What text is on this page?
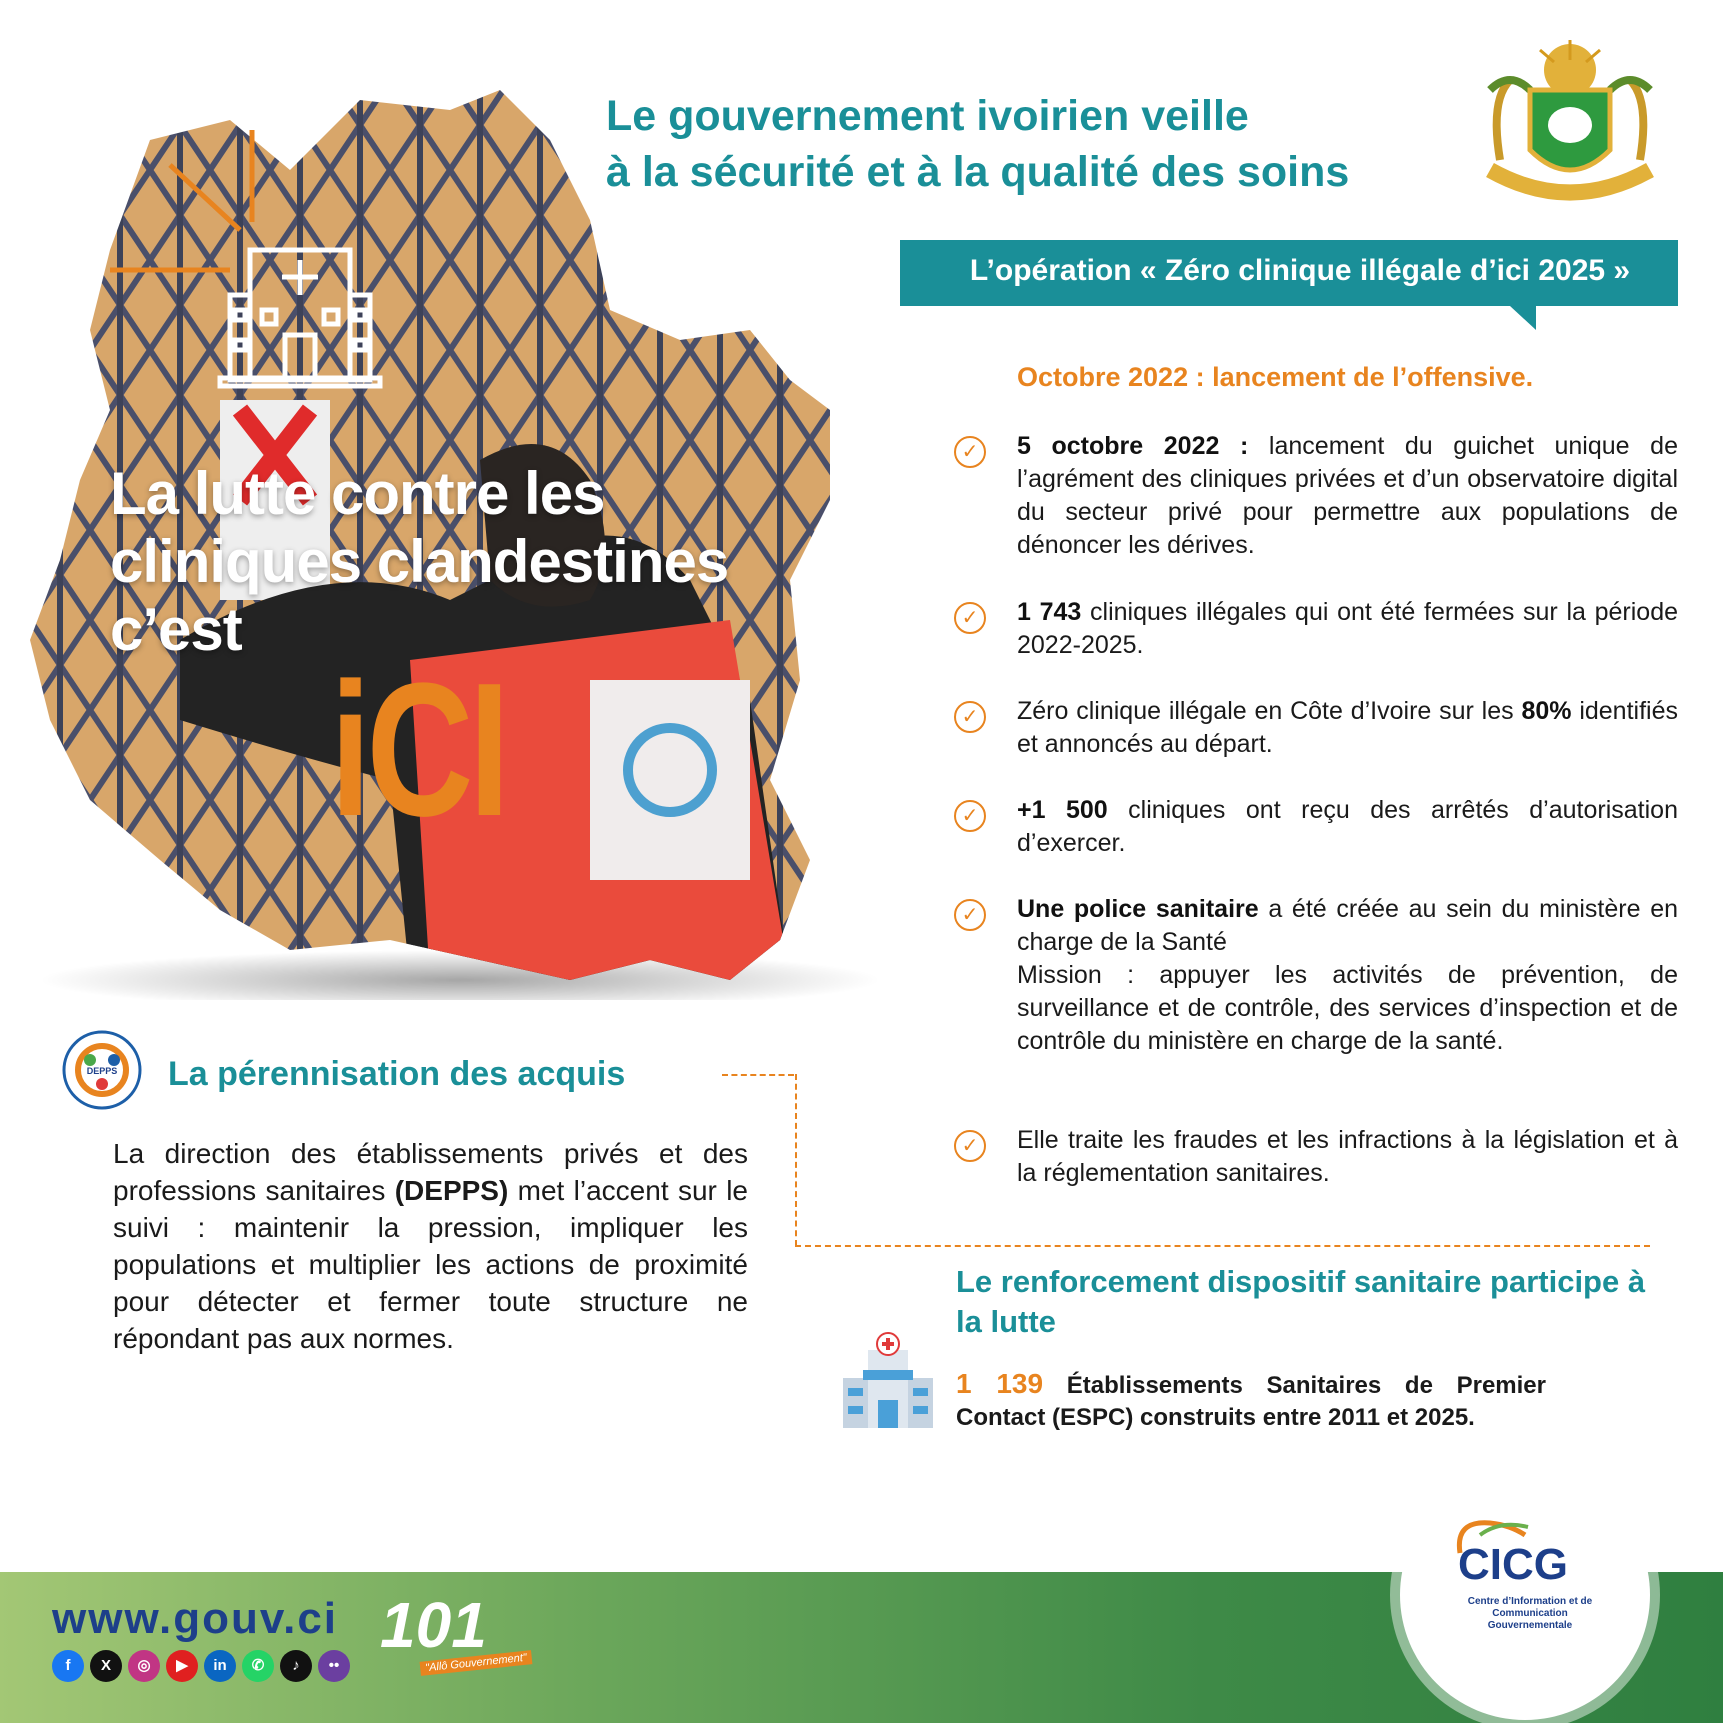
La lutte contre les
cliniques clandestines
c’est
iCI
Le gouvernement ivoirien veille
à la sécurité et à la qualité des soins
L’opération « Zéro clinique illégale d’ici 2025 »
Octobre 2022 : lancement de l’offensive.
✓	5 octobre 2022 : lancement du guichet unique de l’agrément des cliniques privées et d’un observatoire digital du secteur privé pour permettre aux populations de dénoncer les dérives.
✓	1 743 cliniques illégales qui ont été fermées sur la période 2022-2025.
✓	Zéro clinique illégale en Côte d’Ivoire sur les 80% identifiés et annoncés au départ.
✓	+1 500 cliniques ont reçu des arrêtés d’autorisation d’exercer.
✓	Une police sanitaire a été créée au sein du ministère en charge de la Santé
Mission : appuyer les activités de prévention, de surveillance et de contrôle, des services d’inspection et de contrôle du ministère en charge de la santé.
✓	Elle traite les fraudes et les infractions à la législation et à la réglementation sanitaires.
DEPPS La pérennisation des acquis
La direction des établissements privés et des professions sanitaires (DEPPS) met l’accent sur le suivi : maintenir la pression, impliquer les populations et multiplier les actions de proximité pour détecter et fermer toute structure ne répondant pas aux normes.
Le renforcement dispositif sanitaire participe à la lutte
1 139 Établissements Sanitaires de Premier Contact (ESPC) construits entre 2011 et 2025.
www.gouv.ci 101
"Allô Gouvernement"
f	X	◎	▶	in	✆	♪	••
CICG
Centre d’Information et de Communication Gouvernementale
